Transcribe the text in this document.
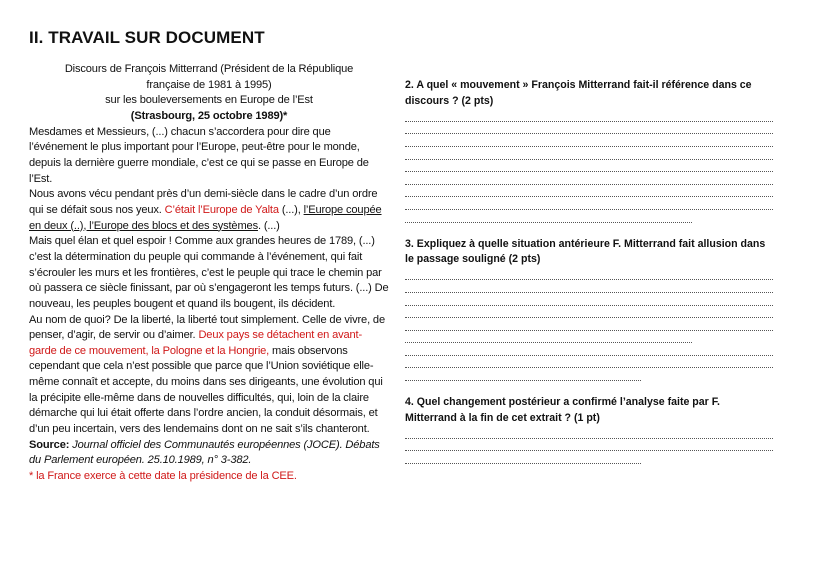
II. TRAVAIL SUR DOCUMENT
Discours de François Mitterrand (Président de la République
française de 1981 à 1995)
sur les bouleversements en Europe de l’Est
(Strasbourg, 25 octobre 1989)*

Mesdames et Messieurs, (...) chacun s’accordera pour dire que l’événement le plus important pour l’Europe, peut-être pour le monde, depuis la dernière guerre mondiale, c’est ce qui se passe en Europe de l’Est.

Nous avons vécu pendant près d’un demi-siècle dans le cadre d’un ordre qui se défait sous nos yeux. C’était l’Europe de Yalta (...), l’Europe coupée en deux (..), l’Europe des blocs et des systèmes. (...)

Mais quel élan et quel espoir ! Comme aux grandes heures de 1789, (...) c’est la détermination du peuple qui commande à l’événement, qui fait s’écrouler les murs et les frontières, c’est le peuple qui trace le chemin par où passera ce siècle finissant, par où s’engageront les temps futurs. (...) De nouveau, les peuples bougent et quand ils bougent, ils décident.

Au nom de quoi? De la liberté, la liberté tout simplement. Celle de vivre, de penser, d’agir, de servir ou d’aimer. Deux pays se détachent en avant-garde de ce mouvement, la Pologne et la Hongrie, mais observons cependant que cela n’est possible que parce que l’Union soviétique elle-même connaît et accepte, du moins dans ses dirigeants, une évolution qui la précipite elle-même dans de nouvelles difficultés, qui, loin de la claire démarche qui lui était offerte dans l’ordre ancien, la conduit désormais, et d’un peu incertain, vers des lendemains dont on ne sait s’ils chanteront.

Source: Journal officiel des Communautés européennes (JOCE). Débats du Parlement européen. 25.10.1989, n° 3-382.

* la France exerce à cette date la présidence de la CEE.

2. A quel « mouvement » François Mitterrand fait-il référence dans ce discours ? (2 pts)

3. Expliquez à quelle situation antérieure F. Mitterrand fait allusion dans le passage souligné (2 pts)

4. Quel changement postérieur a confirmé l’analyse faite par F. Mitterrand à la fin de cet extrait ? (1 pt)
